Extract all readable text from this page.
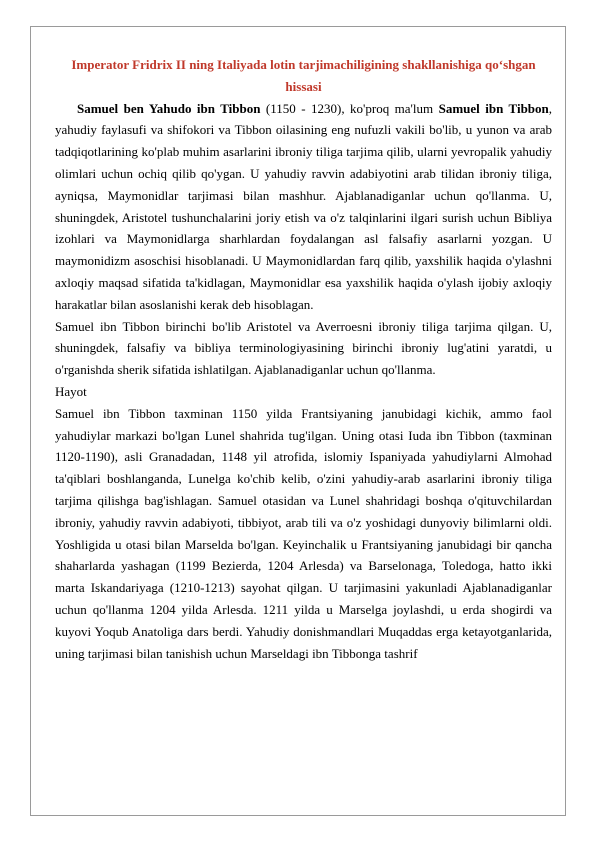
Imperator Fridrix II ning Italiyada lotin tarjimachiligining shakllanishiga qo‘shgan hissasi

Samuel ben Yahudo ibn Tibbon (1150 - 1230), ko'proq ma'lum Samuel ibn Tibbon, yahudiy faylasufi va shifokori va Tibbon oilasining eng nufuzli vakili bo'lib, u yunon va arab tadqiqotlarining ko'plab muhim asarlarini ibroniy tiliga tarjima qilib, ularni yevropalik yahudiy olimlari uchun ochiq qilib qo'ygan. U yahudiy ravvin adabiyotini arab tilidan ibroniy tiliga, ayniqsa, Maymonidlar tarjimasi bilan mashhur. Ajablanadiganlar uchun qo'llanma. U, shuningdek, Aristotel tushunchalarini joriy etish va o'z talqinlarini ilgari surish uchun Bibliya izohlari va Maymonidlarga sharhlardan foydalangan asl falsafiy asarlarni yozgan. U maymonidizm asoschisi hisoblanadi. U Maymonidlardan farq qilib, yaxshilik haqida o'ylashni axloqiy maqsad sifatida ta'kidlagan, Maymonidlar esa yaxshilik haqida o'ylash ijobiy axloqiy harakatlar bilan asoslanishi kerak deb hisoblagan.

Samuel ibn Tibbon birinchi bo'lib Aristotel va Averroesni ibroniy tiliga tarjima qilgan. U, shuningdek, falsafiy va bibliya terminologiyasining birinchi ibroniy lug'atini yaratdi, u o'rganishda sherik sifatida ishlatilgan. Ajablanadiganlar uchun qo'llanma.

Hayot

Samuel ibn Tibbon taxminan 1150 yilda Frantsiyaning janubidagi kichik, ammo faol yahudiylar markazi bo'lgan Lunel shahrida tug'ilgan. Uning otasi Iuda ibn Tibbon (taxminan 1120-1190), asli Granadadan, 1148 yil atrofida, islomiy Ispaniyada yahudiylarni Almohad ta'qiblari boshlanganda, Lunelga ko'chib kelib, o'zini yahudiy-arab asarlarini ibroniy tiliga tarjima qilishga bag'ishlagan. Samuel otasidan va Lunel shahridagi boshqa o'qituvchilardan ibroniy, yahudiy ravvin adabiyoti, tibbiyot, arab tili va o'z yoshidagi dunyoviy bilimlarni oldi. Yoshligida u otasi bilan Marselda bo'lgan. Keyinchalik u Frantsiyaning janubidagi bir qancha shaharlarda yashagan (1199 Bezierda, 1204 Arlesda) va Barselonaga, Toledoga, hatto ikki marta Iskandariyaga (1210-1213) sayohat qilgan. U tarjimasini yakunladi Ajablanadiganlar uchun qo'llanma 1204 yilda Arlesda. 1211 yilda u Marselga joylashdi, u erda shogirdi va kuyovi Yoqub Anatoliga dars berdi. Yahudiy donishmandlari Muqaddas erga ketayotganlarida, uning tarjimasi bilan tanishish uchun Marseldagi ibn Tibbonga tashrif
